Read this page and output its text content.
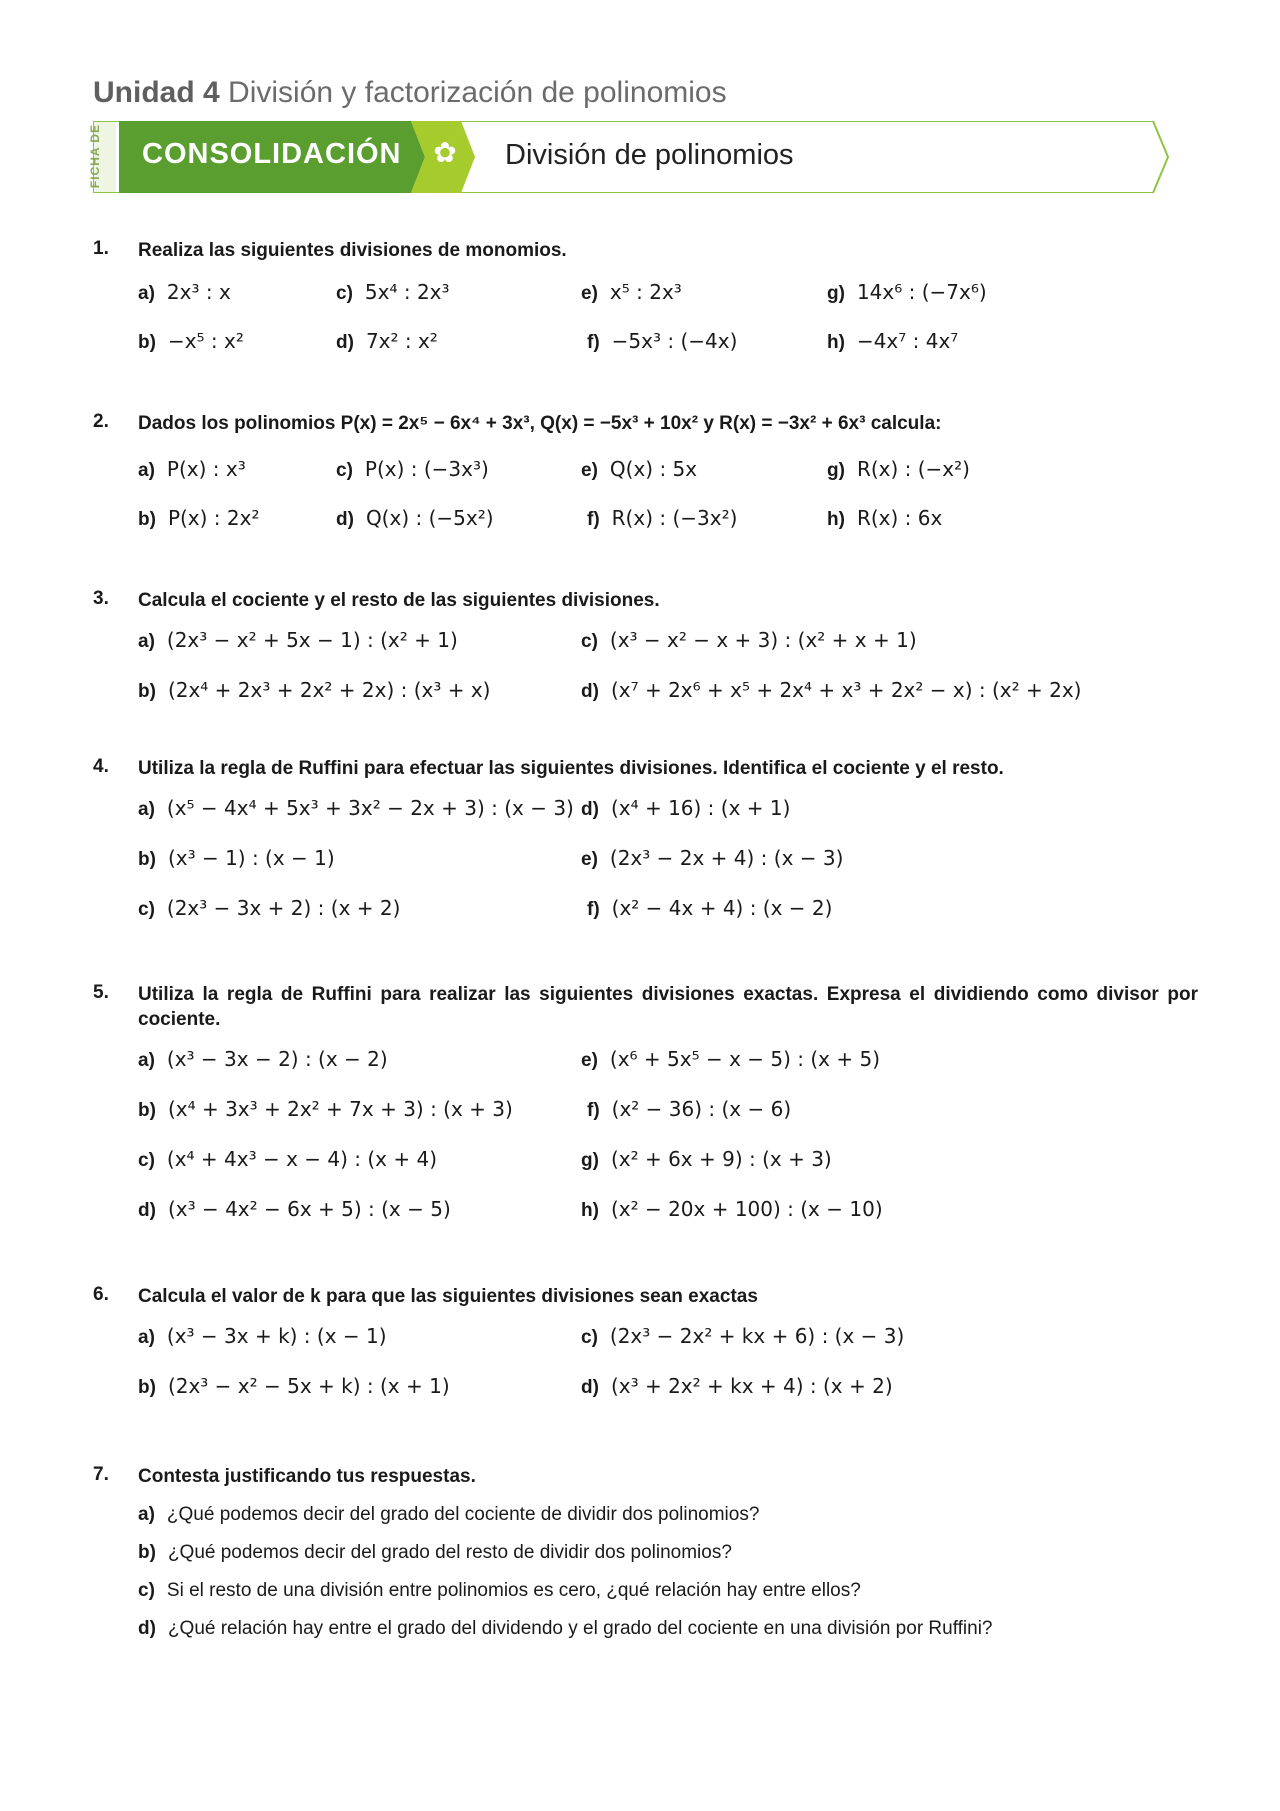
Unidad 4 División y factorización de polinomios
FICHA DE CONSOLIDACIÓN ✿ División de polinomios
1. Realiza las siguientes divisiones de monomios.
a) 2x³ : x	c) 5x⁴ : 2x³	e) x⁵ : 2x³	g) 14x⁶ : (−7x⁶)
b) −x⁵ : x²	d) 7x² : x²	f) −5x³ : (−4x)	h) −4x⁷ : 4x⁷
2. Dados los polinomios P(x) = 2x⁵ − 6x⁴ + 3x³, Q(x) = −5x³ + 10x² y R(x) = −3x² + 6x³ calcula:
a) P(x) : x³	c) P(x) : (−3x³)	e) Q(x) : 5x	g) R(x) : (−x²)
b) P(x) : 2x²	d) Q(x) : (−5x²)	f) R(x) : (−3x²)	h) R(x) : 6x
3. Calcula el cociente y el resto de las siguientes divisiones.
a) (2x³ − x² + 5x − 1) : (x² + 1)	c) (x³ − x² − x + 3) : (x² + x + 1)
b) (2x⁴ + 2x³ + 2x² + 2x) : (x³ + x)	d) (x⁷ + 2x⁶ + x⁵ + 2x⁴ + x³ + 2x² − x) : (x² + 2x)
4. Utiliza la regla de Ruffini para efectuar las siguientes divisiones. Identifica el cociente y el resto.
a) (x⁵ − 4x⁴ + 5x³ + 3x² − 2x + 3) : (x − 3) d) (x⁴ + 16) : (x + 1)
b) (x³ − 1) : (x − 1)	e) (2x³ − 2x + 4) : (x − 3)
c) (2x³ − 3x + 2) : (x + 2)	f) (x² − 4x + 4) : (x − 2)
5. Utiliza la regla de Ruffini para realizar las siguientes divisiones exactas. Expresa el dividiendo como divisor por cociente.
a) (x³ − 3x − 2) : (x − 2)	e) (x⁶ + 5x⁵ − x − 5) : (x + 5)
b) (x⁴ + 3x³ + 2x² + 7x + 3) : (x + 3)	f) (x² − 36) : (x − 6)
c) (x⁴ + 4x³ − x − 4) : (x + 4)	g) (x² + 6x + 9) : (x + 3)
d) (x³ − 4x² − 6x + 5) : (x − 5)	h) (x² − 20x + 100) : (x − 10)
6. Calcula el valor de k para que las siguientes divisiones sean exactas
a) (x³ − 3x + k) : (x − 1)	c) (2x³ − 2x² + kx + 6) : (x − 3)
b) (2x³ − x² − 5x + k) : (x + 1)	d) (x³ + 2x² + kx + 4) : (x + 2)
7. Contesta justificando tus respuestas.
a) ¿Qué podemos decir del grado del cociente de dividir dos polinomios?
b) ¿Qué podemos decir del grado del resto de dividir dos polinomios?
c) Si el resto de una división entre polinomios es cero, ¿qué relación hay entre ellos?
d) ¿Qué relación hay entre el grado del dividendo y el grado del cociente en una división por Ruffini?
